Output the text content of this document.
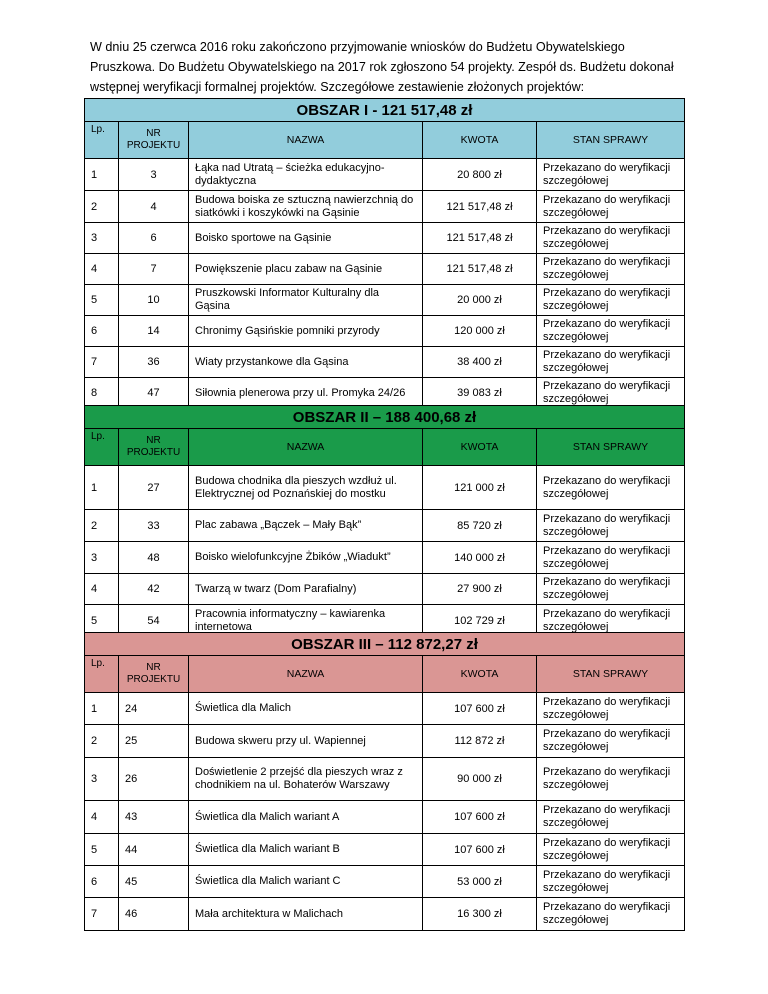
W dniu 25 czerwca 2016 roku zakończono przyjmowanie wniosków do Budżetu Obywatelskiego Pruszkowa. Do Budżetu Obywatelskiego na 2017 rok zgłoszono 54 projekty. Zespół ds. Budżetu dokonał wstępnej weryfikacji formalnej projektów. Szczegółowe zestawienie złożonych projektów:
OBSZAR I - 121 517,48 zł				
Lp.	NR PROJEKTU	NAZWA	KWOTA	STAN SPRAWY
1	3	Łąka nad Utratą – ścieżka edukacyjno-dydaktyczna	20 800 zł	Przekazano do weryfikacji szczegółowej
2	4	Budowa boiska ze sztuczną nawierzchnią do siatkówki i koszykówki na Gąsinie	121 517,48 zł	Przekazano do weryfikacji szczegółowej
3	6	Boisko sportowe na Gąsinie	121 517,48 zł	Przekazano do weryfikacji szczegółowej
4	7	Powiększenie placu zabaw na Gąsinie	121 517,48 zł	Przekazano do weryfikacji szczegółowej
5	10	Pruszkowski Informator Kulturalny dla Gąsina	20 000 zł	Przekazano do weryfikacji szczegółowej
6	14	Chronimy Gąsińskie pomniki przyrody	120 000 zł	Przekazano do weryfikacji szczegółowej
7	36	Wiaty przystankowe dla Gąsina	38 400 zł	Przekazano do weryfikacji szczegółowej
8	47	Siłownia plenerowa przy ul. Promyka 24/26	39 083 zł	Przekazano do weryfikacji szczegółowej
OBSZAR II – 188 400,68 zł				
Lp.	NR PROJEKTU	NAZWA	KWOTA	STAN SPRAWY
1	27	Budowa chodnika dla pieszych wzdłuż ul. Elektrycznej od Poznańskiej do mostku	121 000 zł	Przekazano do weryfikacji szczegółowej
2	33	Plac zabawa „Bączek – Mały Bąk”	85 720 zł	Przekazano do weryfikacji szczegółowej
3	48	Boisko wielofunkcyjne Żbików „Wiadukt”	140 000 zł	Przekazano do weryfikacji szczegółowej
4	42	Twarzą w twarz (Dom Parafialny)	27 900 zł	Przekazano do weryfikacji szczegółowej
5	54	Pracownia informatyczny – kawiarenka internetowa	102 729 zł	Przekazano do weryfikacji szczegółowej
OBSZAR III – 112 872,27 zł				
Lp.	NR PROJEKTU	NAZWA	KWOTA	STAN SPRAWY
1	24	Świetlica dla Malich	107 600 zł	Przekazano do weryfikacji szczegółowej
2	25	Budowa skweru przy ul. Wapiennej	112 872 zł	Przekazano do weryfikacji szczegółowej
3	26	Doświetlenie 2 przejść dla pieszych wraz z chodnikiem na ul. Bohaterów Warszawy	90 000 zł	Przekazano do weryfikacji szczegółowej
4	43	Świetlica dla Malich wariant A	107 600 zł	Przekazano do weryfikacji szczegółowej
5	44	Świetlica dla Malich wariant B	107 600 zł	Przekazano do weryfikacji szczegółowej
6	45	Świetlica dla Malich wariant C	53 000 zł	Przekazano do weryfikacji szczegółowej
7	46	Mała architektura w Malichach	16 300 zł	Przekazano do weryfikacji szczegółowej
